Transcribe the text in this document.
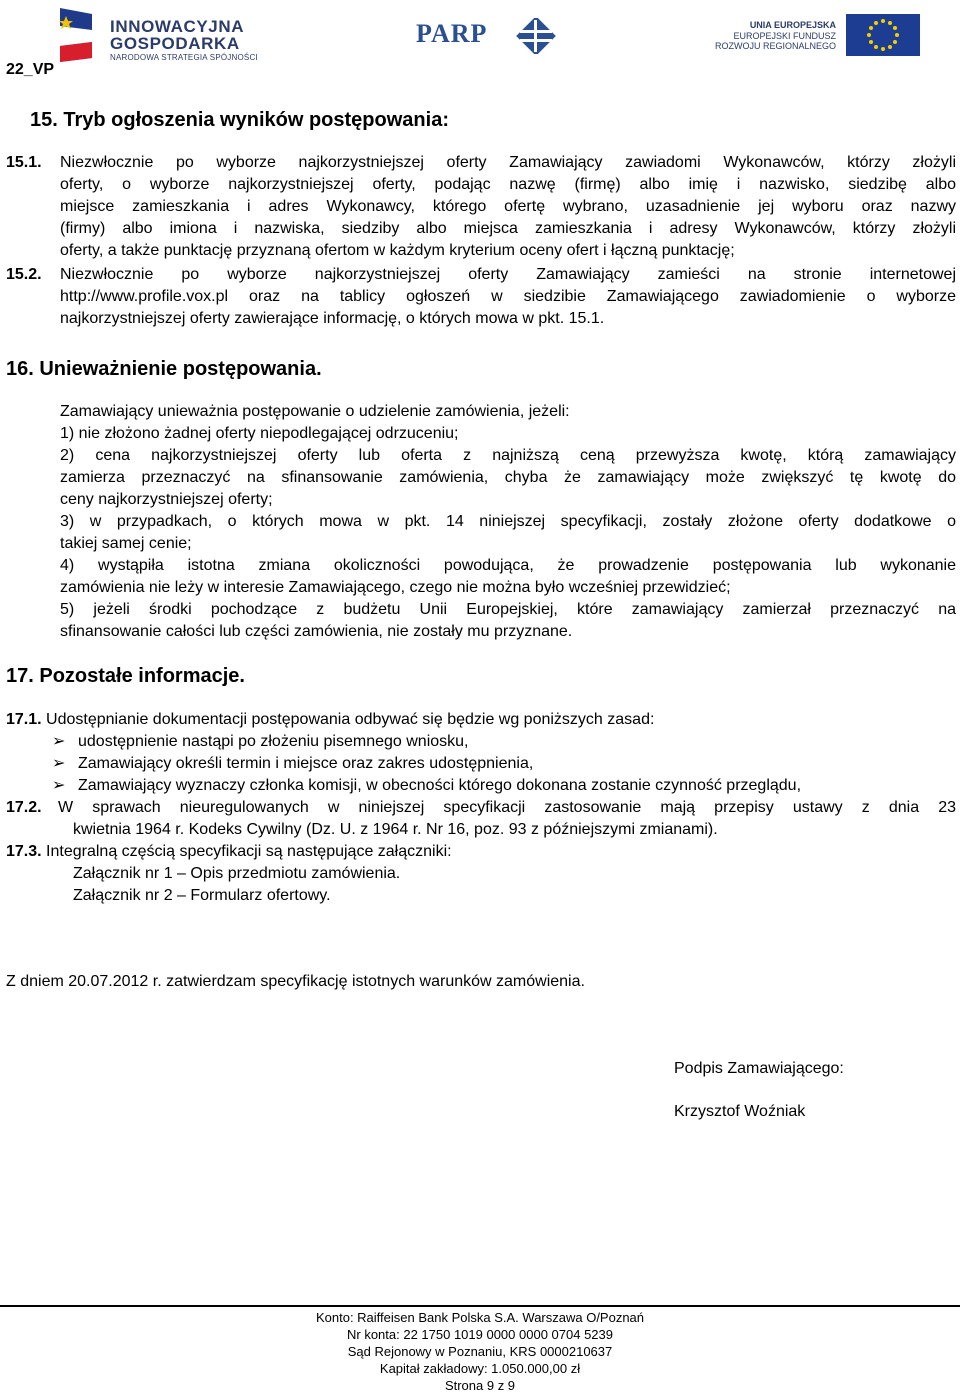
22_VP
INNOWACYJNA
GOSPODARKA
NARODOWA STRATEGIA SPÓJNOŚCI
PARP	UNIA EUROPEJSKA
EUROPEJSKI FUNDUSZ
ROZWOJU REGIONALNEGO
15. Tryb ogłoszenia wyników postępowania:
15.1. Niezwłocznie po wyborze najkorzystniejszej oferty Zamawiający zawiadomi Wykonawców, którzy złożyli
oferty, o wyborze najkorzystniejszej oferty, podając nazwę (firmę) albo imię i nazwisko, siedzibę albo
miejsce zamieszkania i adres Wykonawcy, którego ofertę wybrano, uzasadnienie jej wyboru oraz nazwy
(firmy) albo imiona i nazwiska, siedziby albo miejsca zamieszkania i adresy Wykonawców, którzy złożyli
oferty, a także punktację przyznaną ofertom w każdym kryterium oceny ofert i łączną punktację;
15.2. Niezwłocznie po wyborze najkorzystniejszej oferty Zamawiający zamieści na stronie internetowej
http://www.profile.vox.pl oraz na tablicy ogłoszeń w siedzibie Zamawiającego zawiadomienie o wyborze
najkorzystniejszej oferty zawierające informację, o których mowa w pkt. 15.1.
16. Unieważnienie postępowania.
Zamawiający unieważnia postępowanie o udzielenie zamówienia, jeżeli:
1) nie złożono żadnej oferty niepodlegającej odrzuceniu;
2) cena najkorzystniejszej oferty lub oferta z najniższą ceną przewyższa kwotę, którą zamawiający
zamierza przeznaczyć na sfinansowanie zamówienia, chyba że zamawiający może zwiększyć tę kwotę do
ceny najkorzystniejszej oferty;
3) w przypadkach, o których mowa w pkt. 14 niniejszej specyfikacji, zostały złożone oferty dodatkowe o
takiej samej cenie;
4) wystąpiła istotna zmiana okoliczności powodująca, że prowadzenie postępowania lub wykonanie
zamówienia nie leży w interesie Zamawiającego, czego nie można było wcześniej przewidzieć;
5) jeżeli środki pochodzące z budżetu Unii Europejskiej, które zamawiający zamierzał przeznaczyć na
sfinansowanie całości lub części zamówienia, nie zostały mu przyznane.
17. Pozostałe informacje.
17.1. Udostępnianie dokumentacji postępowania odbywać się będzie wg poniższych zasad:
➢ udostępnienie nastąpi po złożeniu pisemnego wniosku,
➢ Zamawiający określi termin i miejsce oraz zakres udostępnienia,
➢ Zamawiający wyznaczy członka komisji, w obecności którego dokonana zostanie czynność przeglądu,
17.2. W sprawach nieuregulowanych w niniejszej specyfikacji zastosowanie mają przepisy ustawy z dnia 23
kwietnia 1964 r. Kodeks Cywilny (Dz. U. z 1964 r. Nr 16, poz. 93 z późniejszymi zmianami).
17.3. Integralną częścią specyfikacji są następujące załączniki:
Załącznik nr 1 – Opis przedmiotu zamówienia.
Załącznik nr 2 – Formularz ofertowy.
Z dniem 20.07.2012 r. zatwierdzam specyfikację istotnych warunków zamówienia.
Podpis Zamawiającego:
Krzysztof Woźniak
Konto: Raiffeisen Bank Polska S.A. Warszawa O/Poznań
Nr konta: 22 1750 1019 0000 0000 0704 5239
Sąd Rejonowy w Poznaniu, KRS 0000210637
Kapitał zakładowy: 1.050.000,00 zł
Strona 9 z 9
